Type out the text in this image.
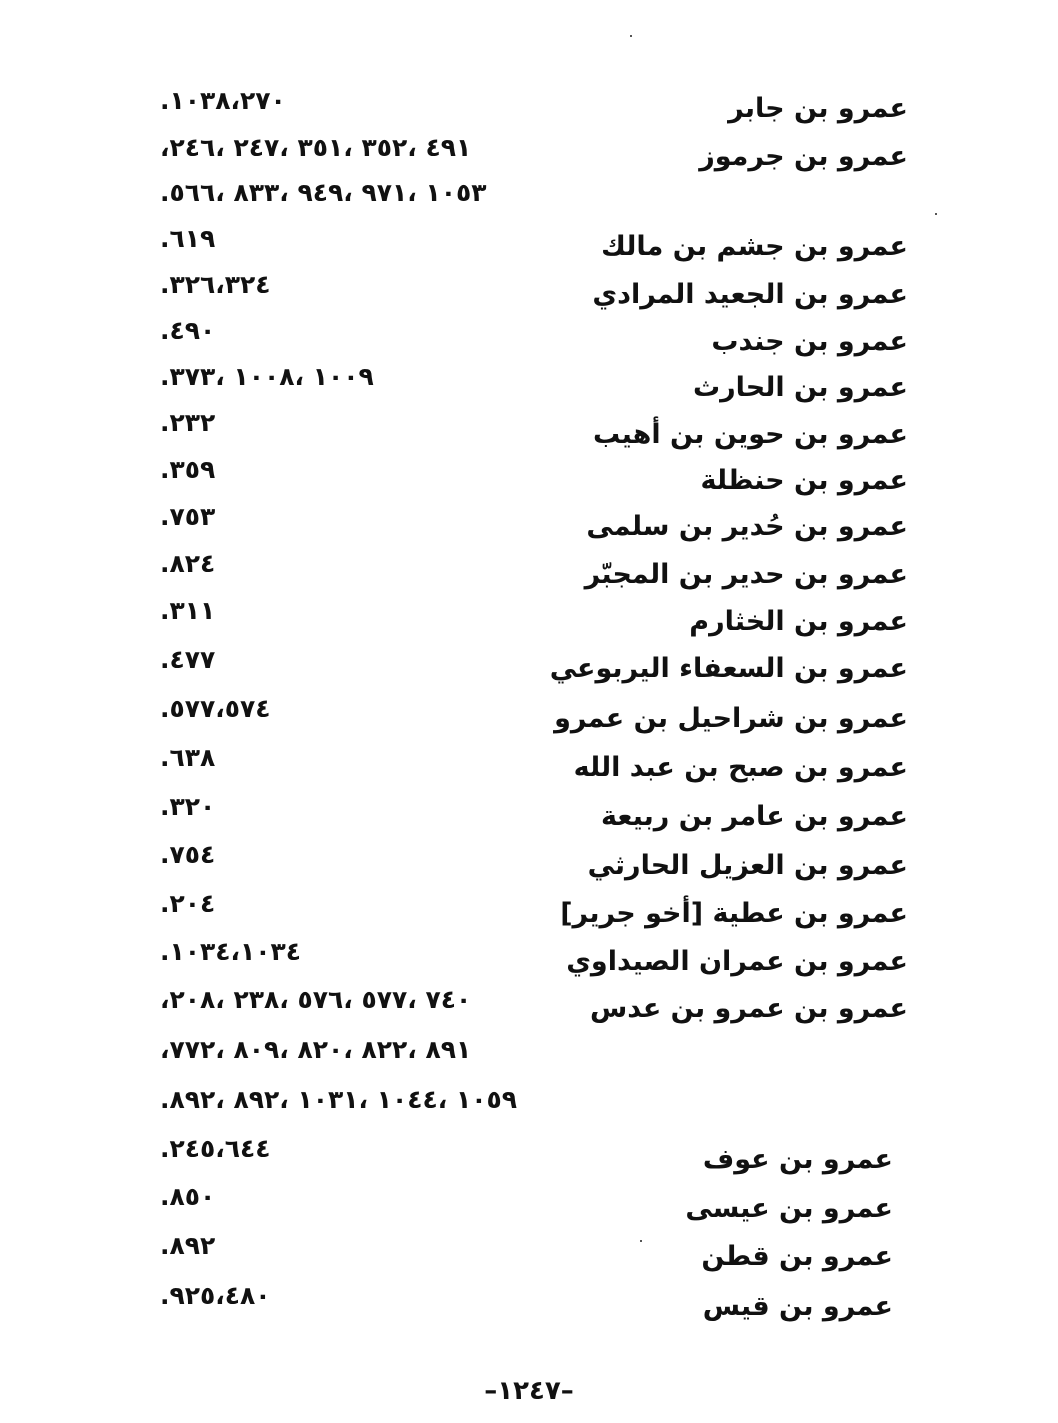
عمرو بن جابر
عمرو بن جرموز
عمرو بن جشم بن مالك
عمرو بن الجعيد المرادي
عمرو بن جندب
عمرو بن الحارث
عمرو بن حوين بن أهيب
عمرو بن حنظلة
عمرو بن حُدير بن سلمى
عمرو بن حدير بن المجبّر
عمرو بن الخثارم
عمرو بن السعفاء اليربوعي
عمرو بن شراحيل بن عمرو
عمرو بن صبح بن عبد الله
عمرو بن عامر بن ربيعة
عمرو بن العزيل الحارثي
عمرو بن عطية [أخو جرير]
عمرو بن عمران الصيداوي
عمرو بن عمرو بن عدس
عمرو بن عوف
عمرو بن عيسى
عمرو بن قطن
عمرو بن قيس
.١٠٣٨،٢٧٠
،٤٩١ ،٣٥٢ ،٣٥١ ،٢٤٧ ،٢٤٦
.١٠٥٣ ،٩٧١ ،٩٤٩ ،٨٣٣ ،٥٦٦
.٦١٩
.٣٢٦،٣٢٤
.٤٩٠
.١٠٠٩ ،١٠٠٨ ،٣٧٣
.٢٣٢
.٣٥٩
.٧٥٣
.٨٢٤
.٣١١
.٤٧٧
.٥٧٧،٥٧٤
.٦٣٨
.٣٢٠
.٧٥٤
.٢٠٤
.١٠٣٤،١٠٣٤
،٧٤٠ ،٥٧٧ ،٥٧٦ ،٢٣٨ ،٢٠٨
،٨٩١ ،٨٢٢ ،٨٢٠ ،٨٠٩ ،٧٧٢
.١٠٥٩ ،١٠٤٤ ،١٠٣١ ،٨٩٢ ،٨٩٢
.٢٤٥،٦٤٤
.٨٥٠
.٨٩٢
.٩٢٥،٤٨٠
–١٢٤٧–
